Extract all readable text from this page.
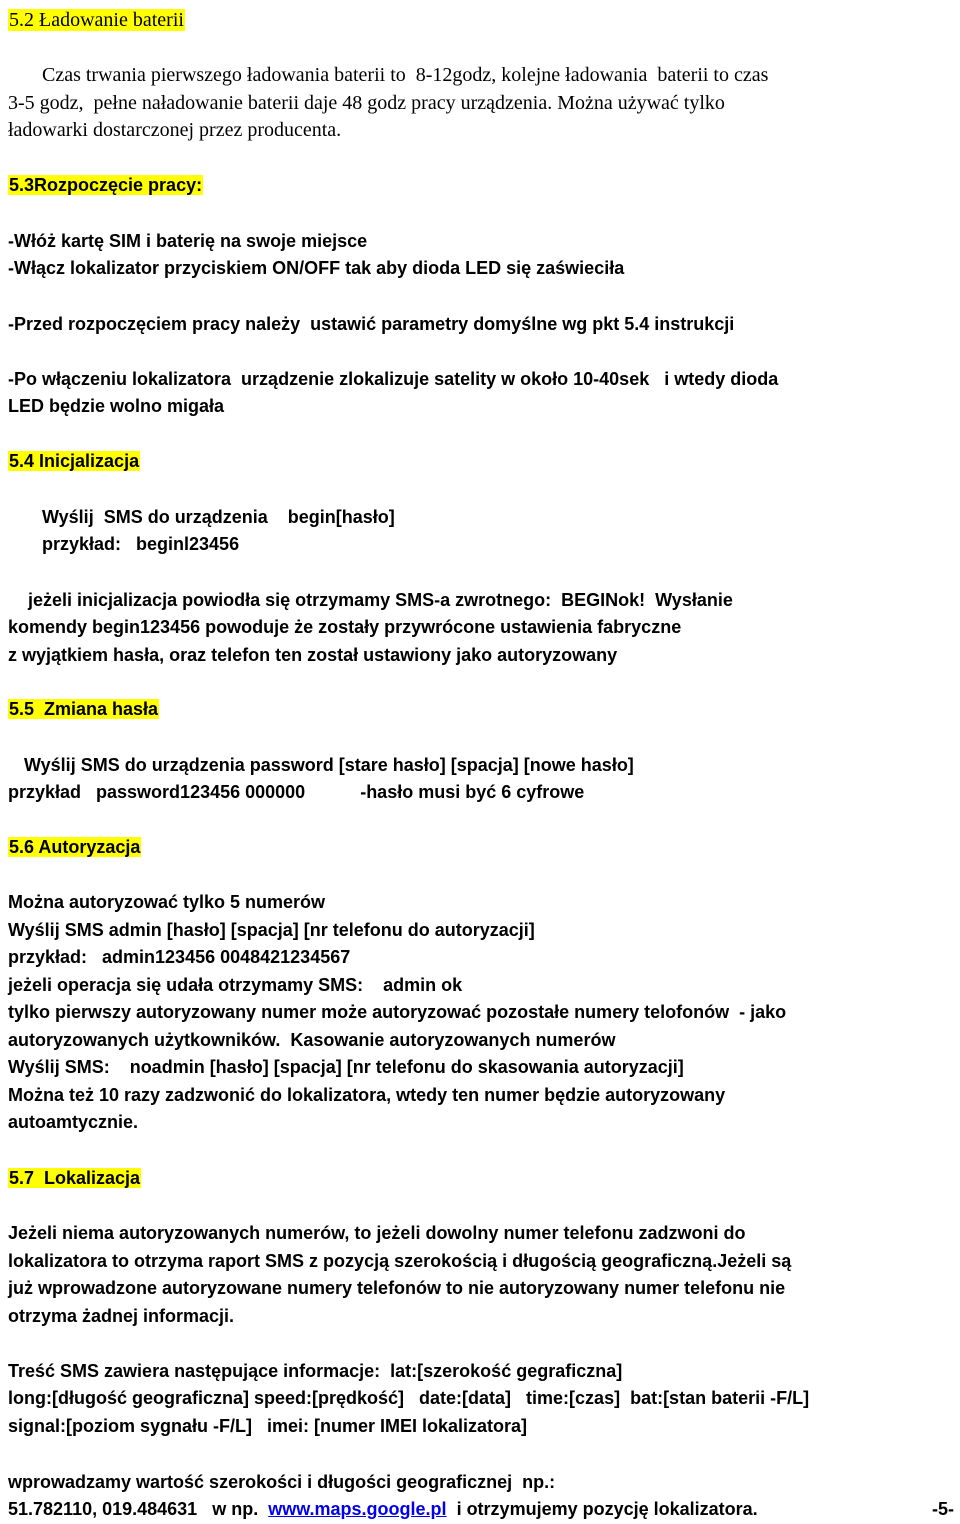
5.2 Ładowanie baterii
Czas trwania pierwszego ładowania baterii to  8-12godz, kolejne ładowania  baterii to czas
3-5 godz,  pełne naładowanie baterii daje 48 godz pracy urządzenia. Można używać tylko
ładowarki dostarczonej przez producenta.
5.3Rozpoczęcie pracy:
-Włóż kartę SIM i baterię na swoje miejsce
-Włącz lokalizator przyciskiem ON/OFF tak aby dioda LED się zaświeciła
-Przed rozpoczęciem pracy należy  ustawić parametry domyślne wg pkt 5.4 instrukcji
-Po włączeniu lokalizatora  urządzenie zlokalizuje satelity w około 10-40sek   i wtedy dioda
LED będzie wolno migała
5.4 Inicjalizacja
Wyślij  SMS do urządzenia    begin[hasło]
przykład:   beginl23456
jeżeli inicjalizacja powiodła się otrzymamy SMS-a zwrotnego:  BEGINok!  Wysłanie
komendy begin123456 powoduje że zostały przywrócone ustawienia fabryczne
z wyjątkiem hasła, oraz telefon ten został ustawiony jako autoryzowany
5.5  Zmiana hasła
Wyślij SMS do urządzenia password [stare hasło] [spacja] [nowe hasło]
przykład   password123456 000000           -hasło musi być 6 cyfrowe
5.6 Autoryzacja
Można autoryzować tylko 5 numerów
Wyślij SMS admin [hasło] [spacja] [nr telefonu do autoryzacji]
przykład:   admin123456 0048421234567
jeżeli operacja się udała otrzymamy SMS:    admin ok
tylko pierwszy autoryzowany numer może autoryzować pozostałe numery telofonów  - jako
autoryzowanych użytkowników.  Kasowanie autoryzowanych numerów
Wyślij SMS:    noadmin [hasło] [spacja] [nr telefonu do skasowania autoryzacji]
Można też 10 razy zadzwonić do lokalizatora, wtedy ten numer będzie autoryzowany
autoamtycznie.
5.7  Lokalizacja
Jeżeli niema autoryzowanych numerów, to jeżeli dowolny numer telefonu zadzwoni do
lokalizatora to otrzyma raport SMS z pozycją szerokością i długością geograficzną.Jeżeli są
już wprowadzone autoryzowane numery telefonów to nie autoryzowany numer telefonu nie
otrzyma żadnej informacji.
Treść SMS zawiera następujące informacje:  lat:[szerokość gegraficzna]
long:[długość geograficzna] speed:[prędkość]   date:[data]   time:[czas]  bat:[stan baterii -F/L]
signal:[poziom sygnału -F/L]   imei: [numer IMEI lokalizatora]
wprowadzamy wartość szerokości i długości geograficznej  np.:
51.782110, 019.484631   w np.  www.maps.google.pl  i otrzymujemy pozycję lokalizatora.	-5-
